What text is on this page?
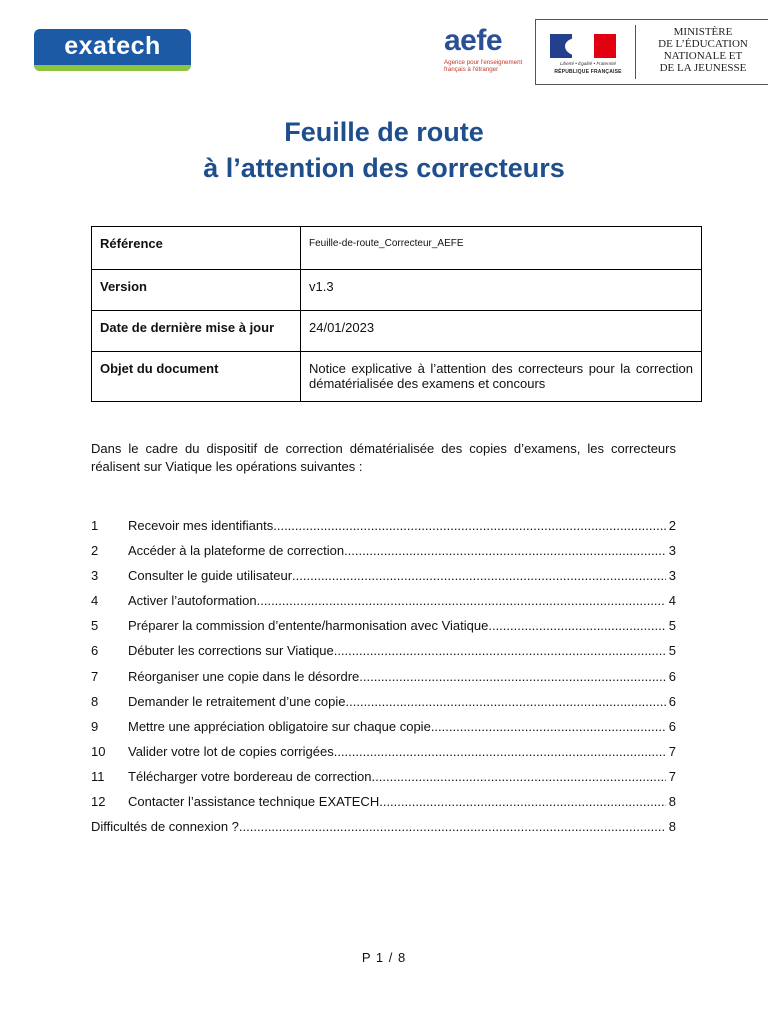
exatech	aefe
Agence pour l'enseignement français à l'étranger
Liberté • Égalité • Fraternité
RÉPUBLIQUE FRANÇAISE
MINISTÈRE
DE L’ÉDUCATION
NATIONALE ET
DE LA JEUNESSE
Feuille de route
à l’attention des correcteurs
Référence	Feuille-de-route_Correcteur_AEFE
Version	v1.3
Date de dernière mise à jour	24/01/2023
Objet du document	Notice explicative à l’attention des correcteurs pour la correction dématérialisée des examens et concours
Dans le cadre du dispositif de correction dématérialisée des copies d’examens, les correcteurs réalisent sur Viatique les opérations suivantes :
1	Recevoir mes identifiants .....	2
2	Accéder à la plateforme de correction .....	3
3	Consulter le guide utilisateur .....	3
4	Activer l’autoformation .....	4
5	Préparer la commission d’entente/harmonisation avec Viatique .....	5
6	Débuter les corrections sur Viatique .....	5
7	Réorganiser une copie dans le désordre .....	6
8	Demander le retraitement d’une copie .....	6
9	Mettre une appréciation obligatoire sur chaque copie .....	6
10	Valider votre lot de copies corrigées .....	7
11	Télécharger votre bordereau de correction .....	7
12	Contacter l’assistance technique EXATECH .....	8
Difficultés de connexion ? .....	8
P 1 / 8
